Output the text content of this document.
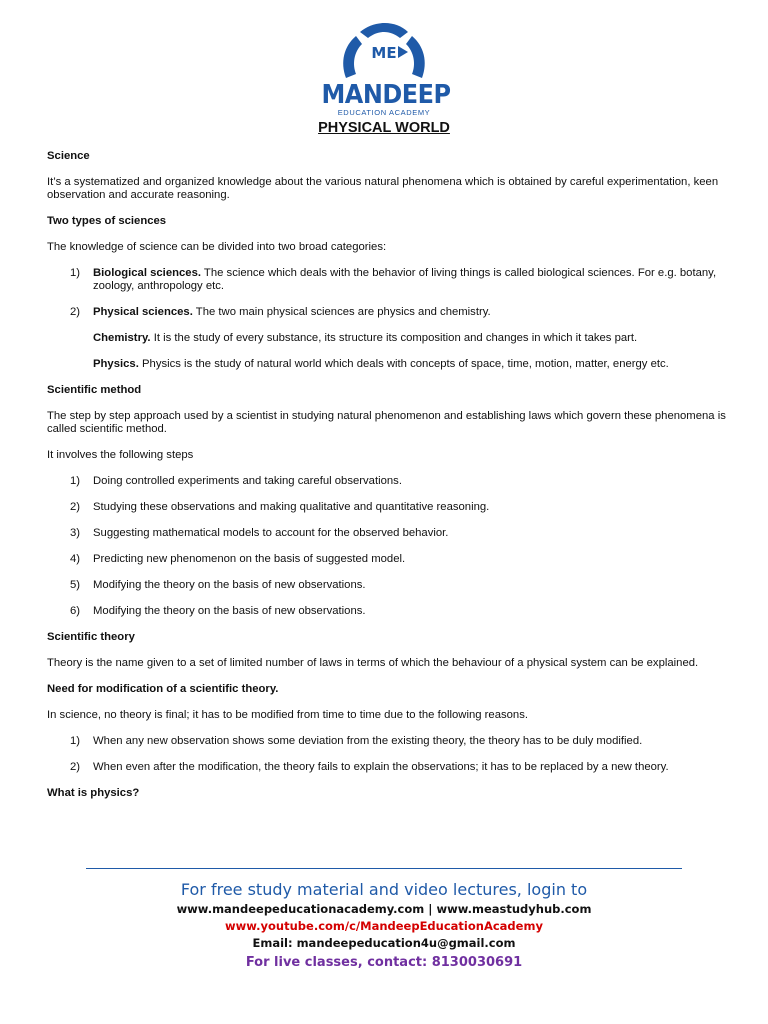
ME
MANDEEP
EDUCATION ACADEMY
PHYSICAL WORLD
Science
It’s a systematized and organized knowledge about the various natural phenomena which is obtained by careful experimentation, keen observation and accurate reasoning.
Two types of sciences
The knowledge of science can be divided into two broad categories:
1) Biological sciences. The science which deals with the behavior of living things is called biological sciences. For e.g. botany, zoology, anthropology etc.
2) Physical sciences. The two main physical sciences are physics and chemistry.
Chemistry. It is the study of every substance, its structure its composition and changes in which it takes part.
Physics. Physics is the study of natural world which deals with concepts of space, time, motion, matter, energy etc.
Scientific method
The step by step approach used by a scientist in studying natural phenomenon and establishing laws which govern these phenomena is called scientific method.
It involves the following steps
1) Doing controlled experiments and taking careful observations.
2) Studying these observations and making qualitative and quantitative reasoning.
3) Suggesting mathematical models to account for the observed behavior.
4) Predicting new phenomenon on the basis of suggested model.
5) Modifying the theory on the basis of new observations.
6) Modifying the theory on the basis of new observations.
Scientific theory
Theory is the name given to a set of limited number of laws in terms of which the behaviour of a physical system can be explained.
Need for modification of a scientific theory.
In science, no theory is final; it has to be modified from time to time due to the following reasons.
1) When any new observation shows some deviation from the existing theory, the theory has to be duly modified.
2) When even after the modification, the theory fails to explain the observations; it has to be replaced by a new theory.
What is physics?
For free study material and video lectures, login to
www.mandeepeducationacademy.com | www.meastudyhub.com
www.youtube.com/c/MandeepEducationAcademy
Email: mandeepeducation4u@gmail.com
For live classes, contact: 8130030691
